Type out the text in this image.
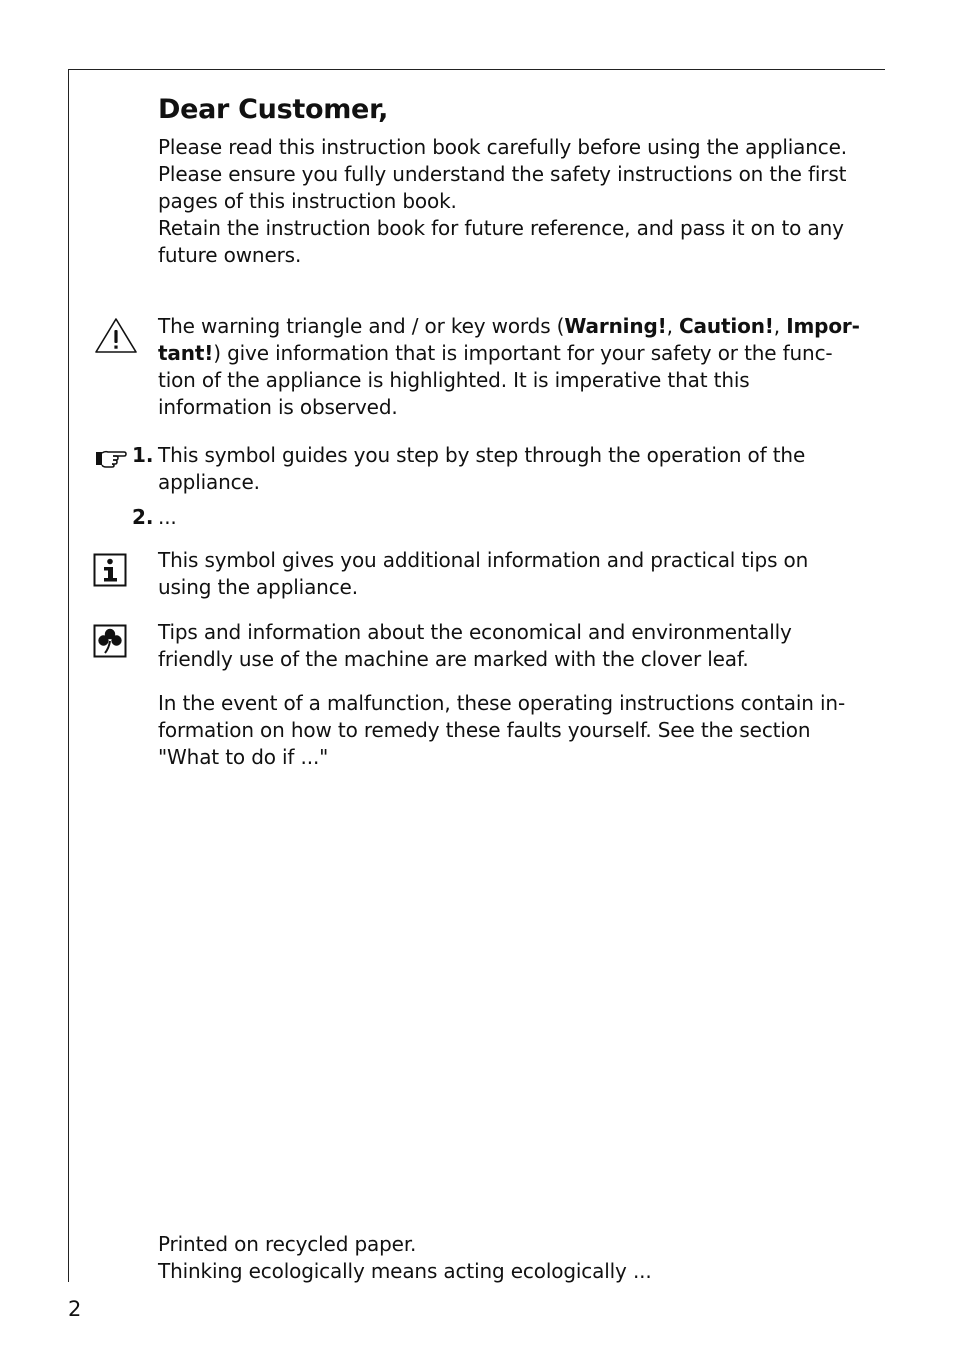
Dear Customer,

Please read this instruction book carefully before using the appliance.

Please ensure you fully understand the safety instructions on the first pages of this instruction book.

Retain the instruction book for future reference, and pass it on to any future owners.

The warning triangle and / or key words (Warning!, Caution!, Impor-tant!) give information that is important for your safety or the func-tion of the appliance is highlighted. It is imperative that this information is observed.

1. This symbol guides you step by step through the operation of the appliance.

2. ...

This symbol gives you additional information and practical tips on using the appliance.

Tips and information about the economical and environmentally friendly use of the machine are marked with the clover leaf.

In the event of a malfunction, these operating instructions contain in-formation on how to remedy these faults yourself. See the section "What to do if ..."

Printed on recycled paper.

Thinking ecologically means acting ecologically ...

2
